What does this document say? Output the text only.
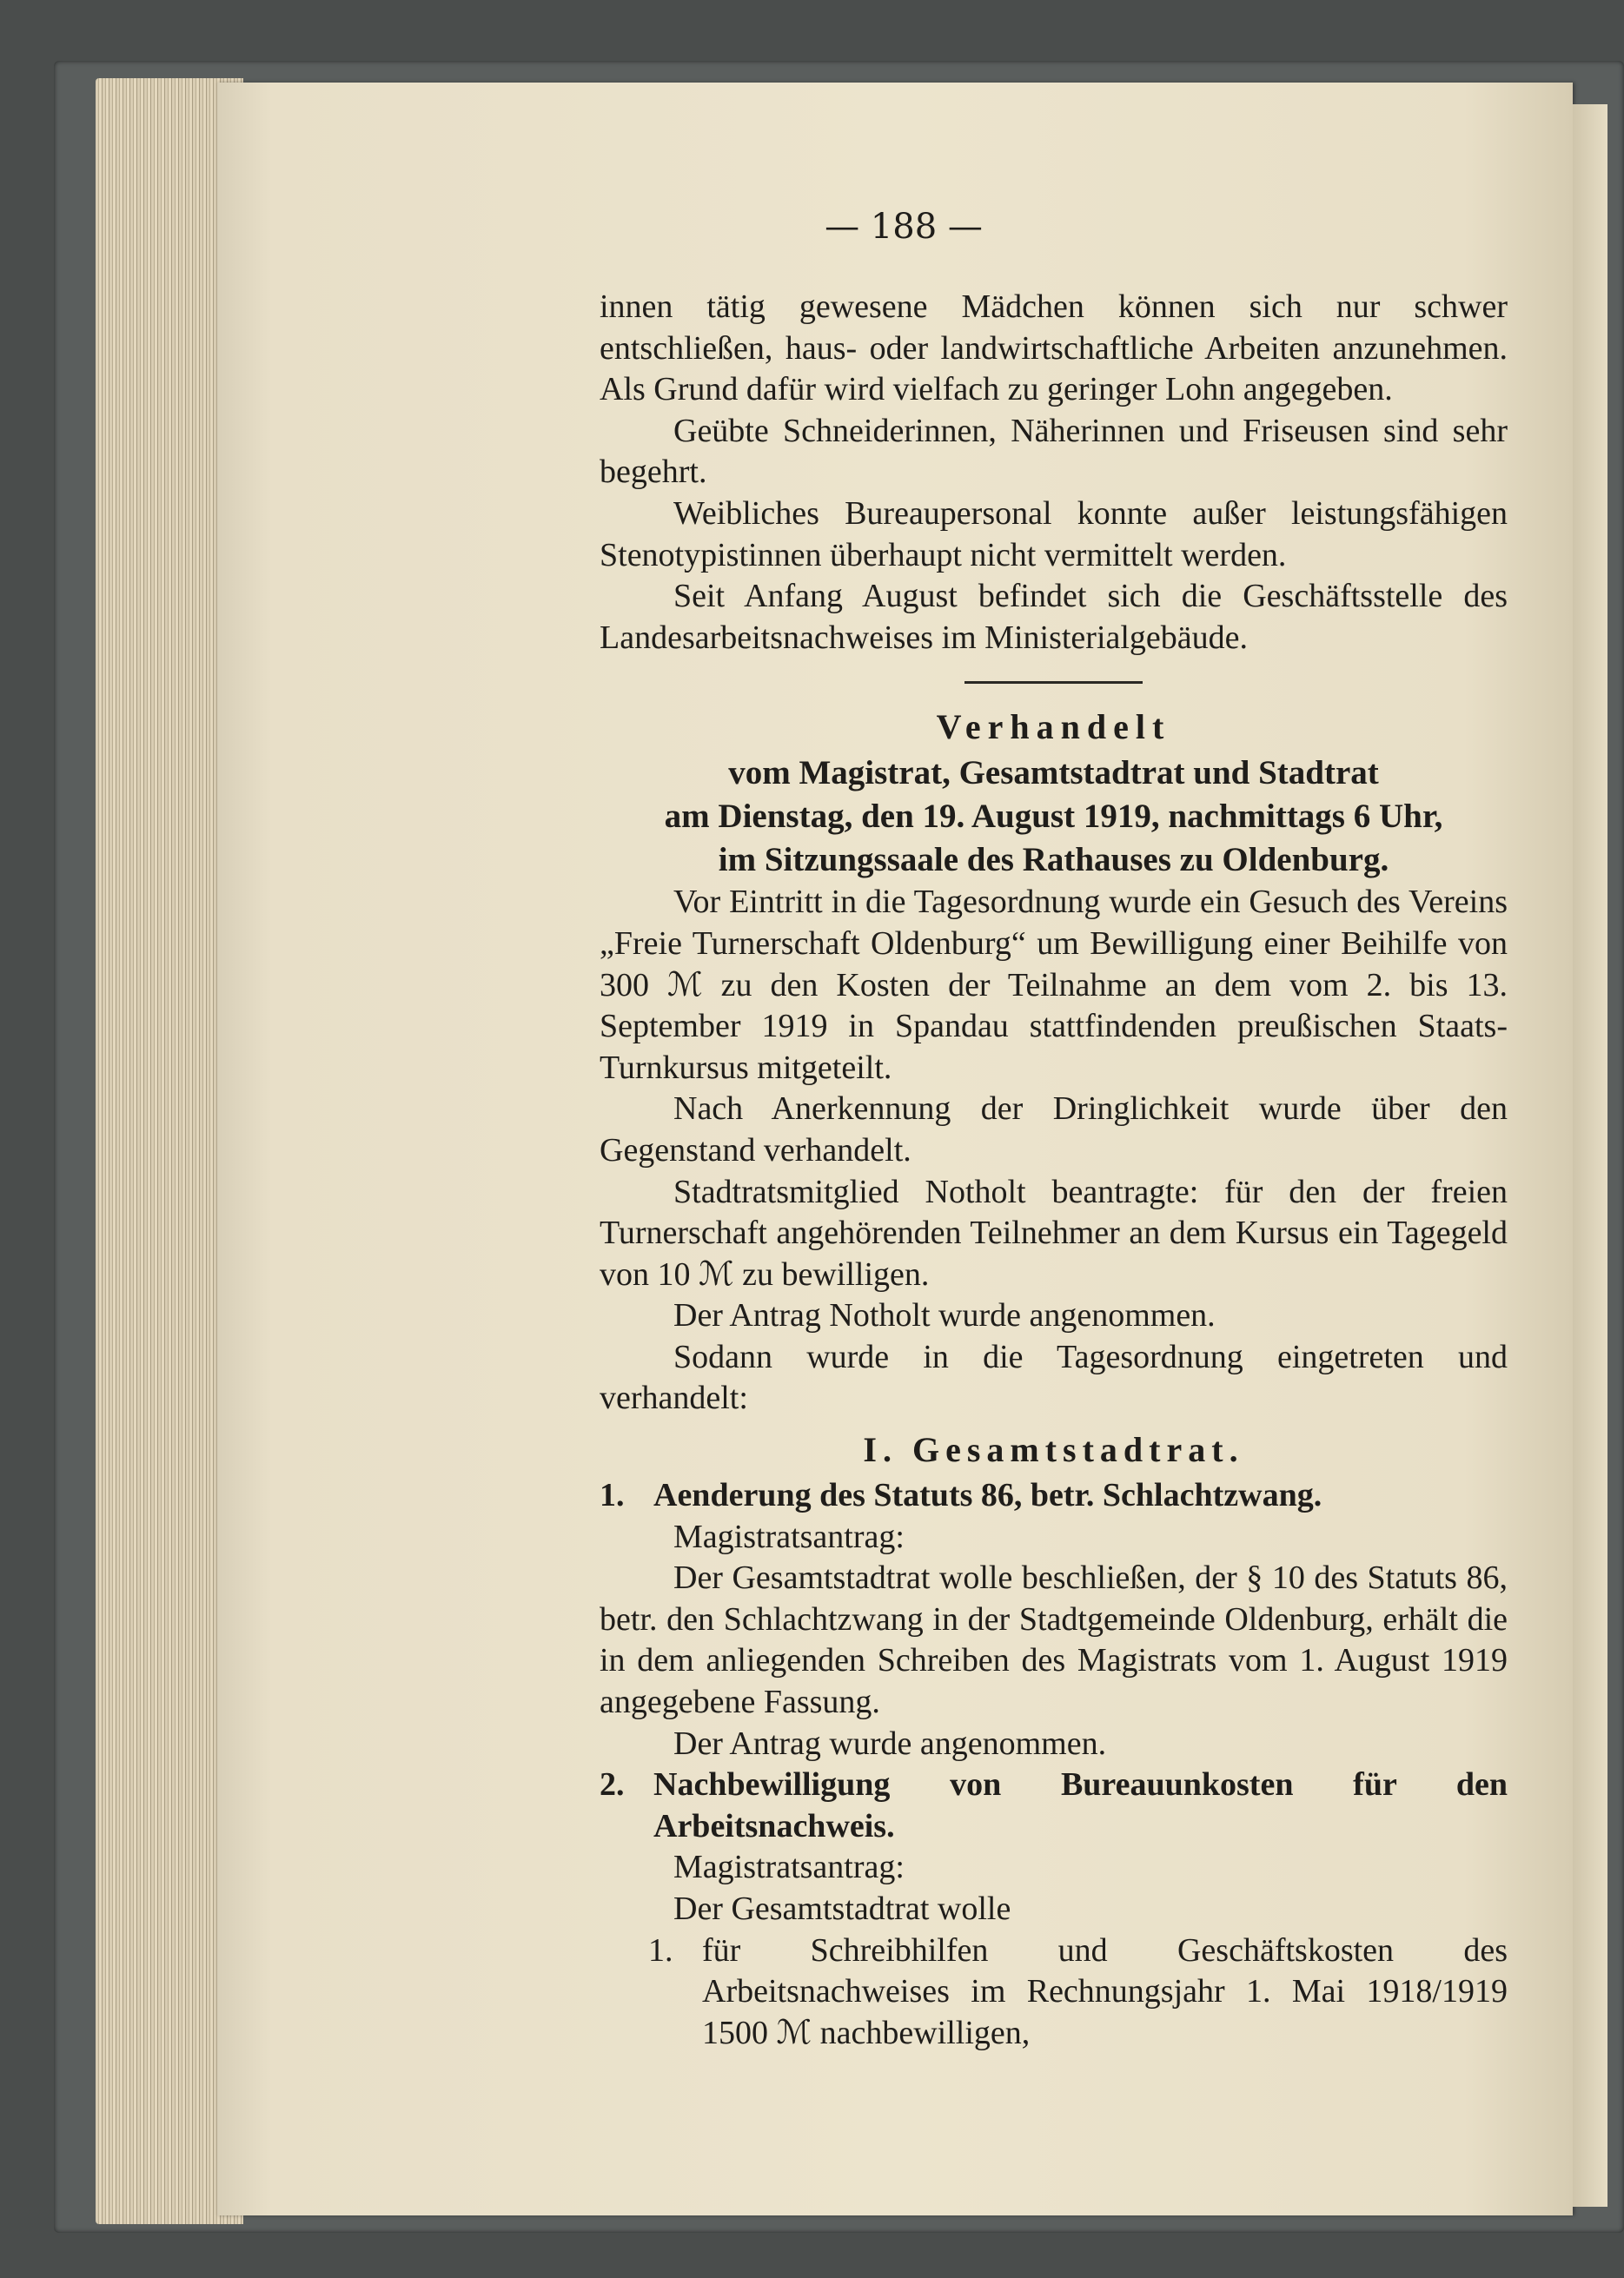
— 188 —

innen tätig gewesene Mädchen können sich nur schwer entschließen, haus- oder landwirtschaftliche Arbeiten anzunehmen. Als Grund dafür wird vielfach zu geringer Lohn angegeben.

Geübte Schneiderinnen, Näherinnen und Friseusen sind sehr begehrt.

Weibliches Bureaupersonal konnte außer leistungsfähigen Stenotypistinnen überhaupt nicht vermittelt werden.

Seit Anfang August befindet sich die Geschäftsstelle des Landesarbeitsnachweises im Ministerialgebäude.

Verhandelt

vom Magistrat, Gesamtstadtrat und Stadtrat

am Dienstag, den 19. August 1919, nachmittags 6 Uhr,

im Sitzungssaale des Rathauses zu Oldenburg.

Vor Eintritt in die Tagesordnung wurde ein Gesuch des Vereins „Freie Turnerschaft Oldenburg“ um Bewilligung einer Beihilfe von 300 ℳ zu den Kosten der Teilnahme an dem vom 2. bis 13. September 1919 in Spandau stattfindenden preußischen Staats-Turnkursus mitgeteilt.

Nach Anerkennung der Dringlichkeit wurde über den Gegenstand verhandelt.

Stadtratsmitglied Notholt beantragte: für den der freien Turnerschaft angehörenden Teilnehmer an dem Kursus ein Tagegeld von 10 ℳ zu bewilligen.

Der Antrag Notholt wurde angenommen.

Sodann wurde in die Tagesordnung eingetreten und verhandelt:

I. Gesamtstadtrat.

1. Aenderung des Statuts 86, betr. Schlachtzwang.

Magistratsantrag:

Der Gesamtstadtrat wolle beschließen, der § 10 des Statuts 86, betr. den Schlachtzwang in der Stadtgemeinde Oldenburg, erhält die in dem anliegenden Schreiben des Magistrats vom 1. August 1919 angegebene Fassung.

Der Antrag wurde angenommen.

2. Nachbewilligung von Bureauunkosten für den Arbeitsnachweis.

Magistratsantrag:

Der Gesamtstadtrat wolle

1. für Schreibhilfen und Geschäftskosten des Arbeitsnachweises im Rechnungsjahr 1. Mai 1918/1919 1500 ℳ nachbewilligen,
